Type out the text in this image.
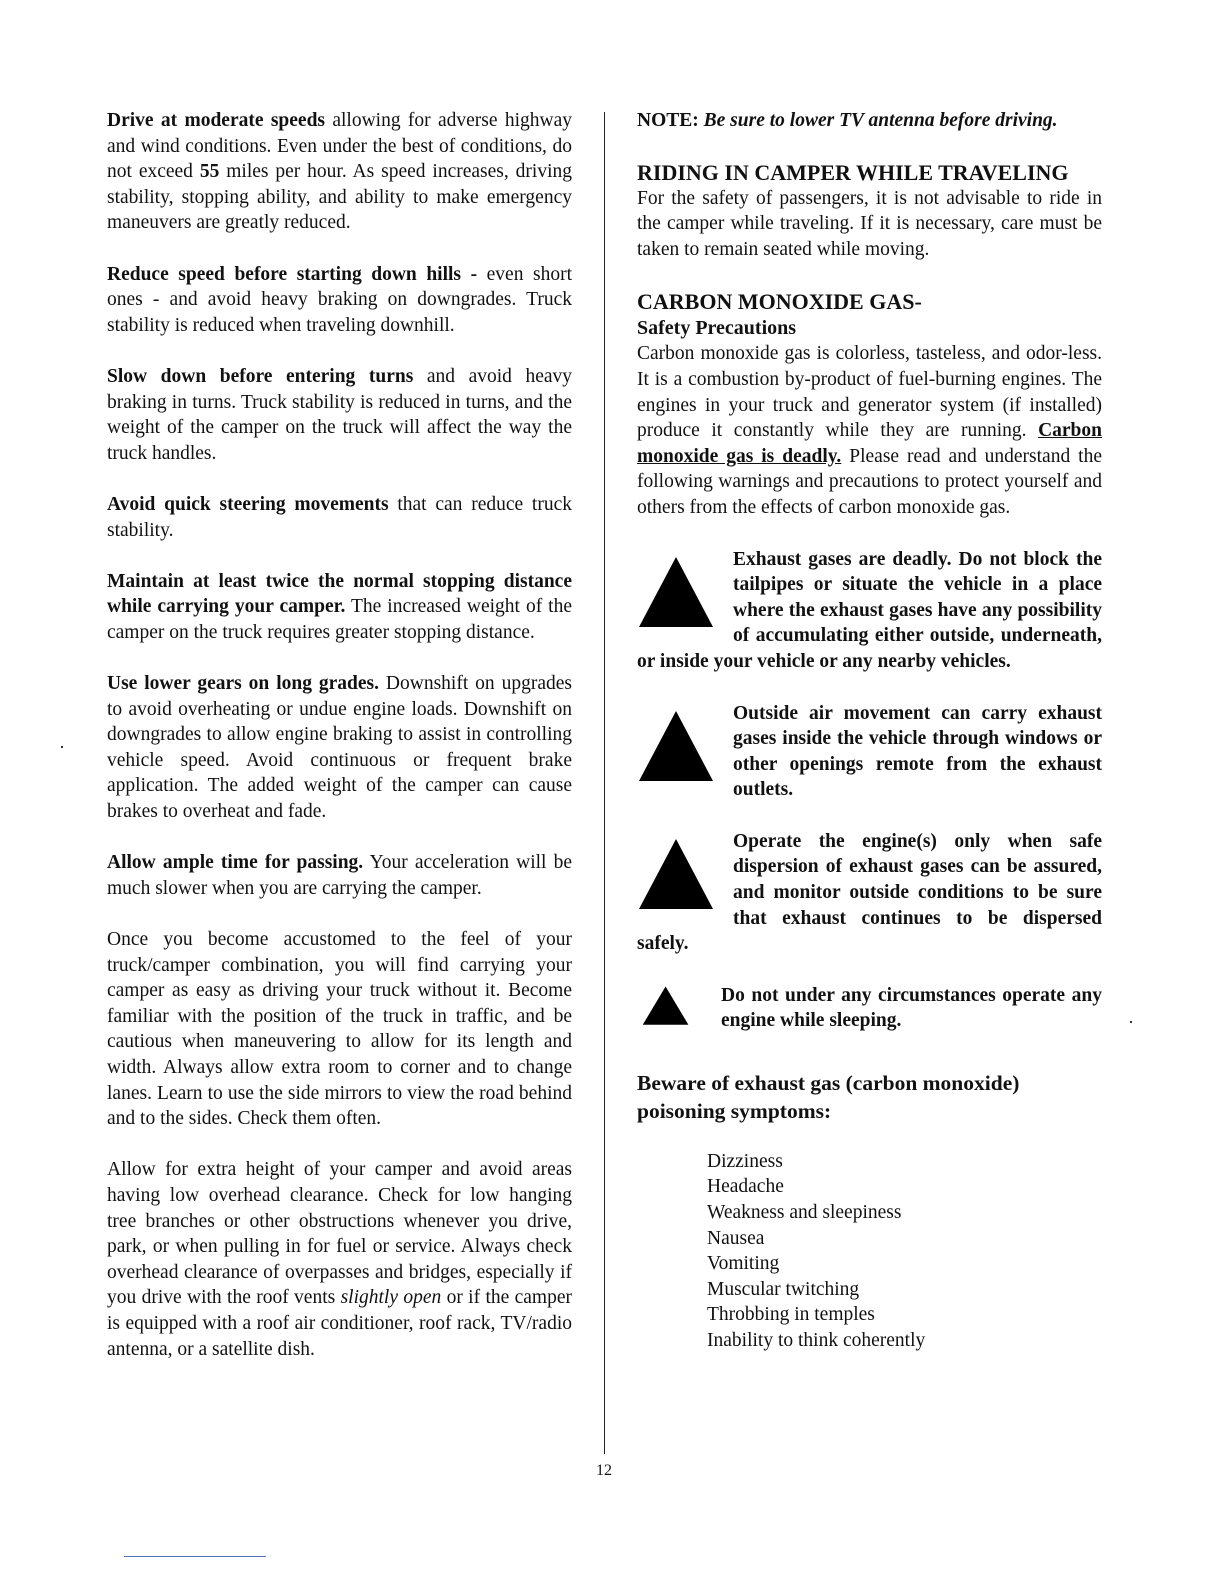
Drive at moderate speeds allowing for adverse highway and wind conditions. Even under the best of conditions, do not exceed 55 miles per hour. As speed increases, driving stability, stopping ability, and ability to make emergency maneuvers are greatly reduced.

Reduce speed before starting down hills - even short ones - and avoid heavy braking on downgrades. Truck stability is reduced when traveling downhill.

Slow down before entering turns and avoid heavy braking in turns. Truck stability is reduced in turns, and the weight of the camper on the truck will affect the way the truck handles.

Avoid quick steering movements that can reduce truck stability.

Maintain at least twice the normal stopping distance while carrying your camper. The increased weight of the camper on the truck requires greater stopping distance.

Use lower gears on long grades. Downshift on upgrades to avoid overheating or undue engine loads. Downshift on downgrades to allow engine braking to assist in controlling vehicle speed. Avoid continuous or frequent brake application. The added weight of the camper can cause brakes to overheat and fade.

Allow ample time for passing. Your acceleration will be much slower when you are carrying the camper.

Once you become accustomed to the feel of your truck/camper combination, you will find carrying your camper as easy as driving your truck without it. Become familiar with the position of the truck in traffic, and be cautious when maneuvering to allow for its length and width. Always allow extra room to corner and to change lanes. Learn to use the side mirrors to view the road behind and to the sides. Check them often.

Allow for extra height of your camper and avoid areas having low overhead clearance. Check for low hanging tree branches or other obstructions whenever you drive, park, or when pulling in for fuel or service. Always check overhead clearance of overpasses and bridges, especially if you drive with the roof vents slightly open or if the camper is equipped with a roof air conditioner, roof rack, TV/radio antenna, or a satellite dish.

NOTE: Be sure to lower TV antenna before driving.

RIDING IN CAMPER WHILE TRAVELING

For the safety of passengers, it is not advisable to ride in the camper while traveling. If it is necessary, care must be taken to remain seated while moving.

CARBON MONOXIDE GAS-
Safety Precautions

Carbon monoxide gas is colorless, tasteless, and odor-less. It is a combustion by-product of fuel-burning engines. The engines in your truck and generator system (if installed) produce it constantly while they are running. Carbon monoxide gas is deadly. Please read and understand the following warnings and precautions to protect yourself and others from the effects of carbon monoxide gas.

Exhaust gases are deadly. Do not block the tailpipes or situate the vehicle in a place where the exhaust gases have any possibility of accumulating either outside, underneath, or inside your vehicle or any nearby vehicles.

Outside air movement can carry exhaust gases inside the vehicle through windows or other openings remote from the exhaust outlets.

Operate the engine(s) only when safe dispersion of exhaust gases can be assured, and monitor outside conditions to be sure that exhaust continues to be dispersed safely.

Do not under any circumstances operate any engine while sleeping.

Beware of exhaust gas (carbon monoxide) poisoning symptoms:
Dizziness
Headache
Weakness and sleepiness
Nausea
Vomiting
Muscular twitching
Throbbing in temples
Inability to think coherently
12
